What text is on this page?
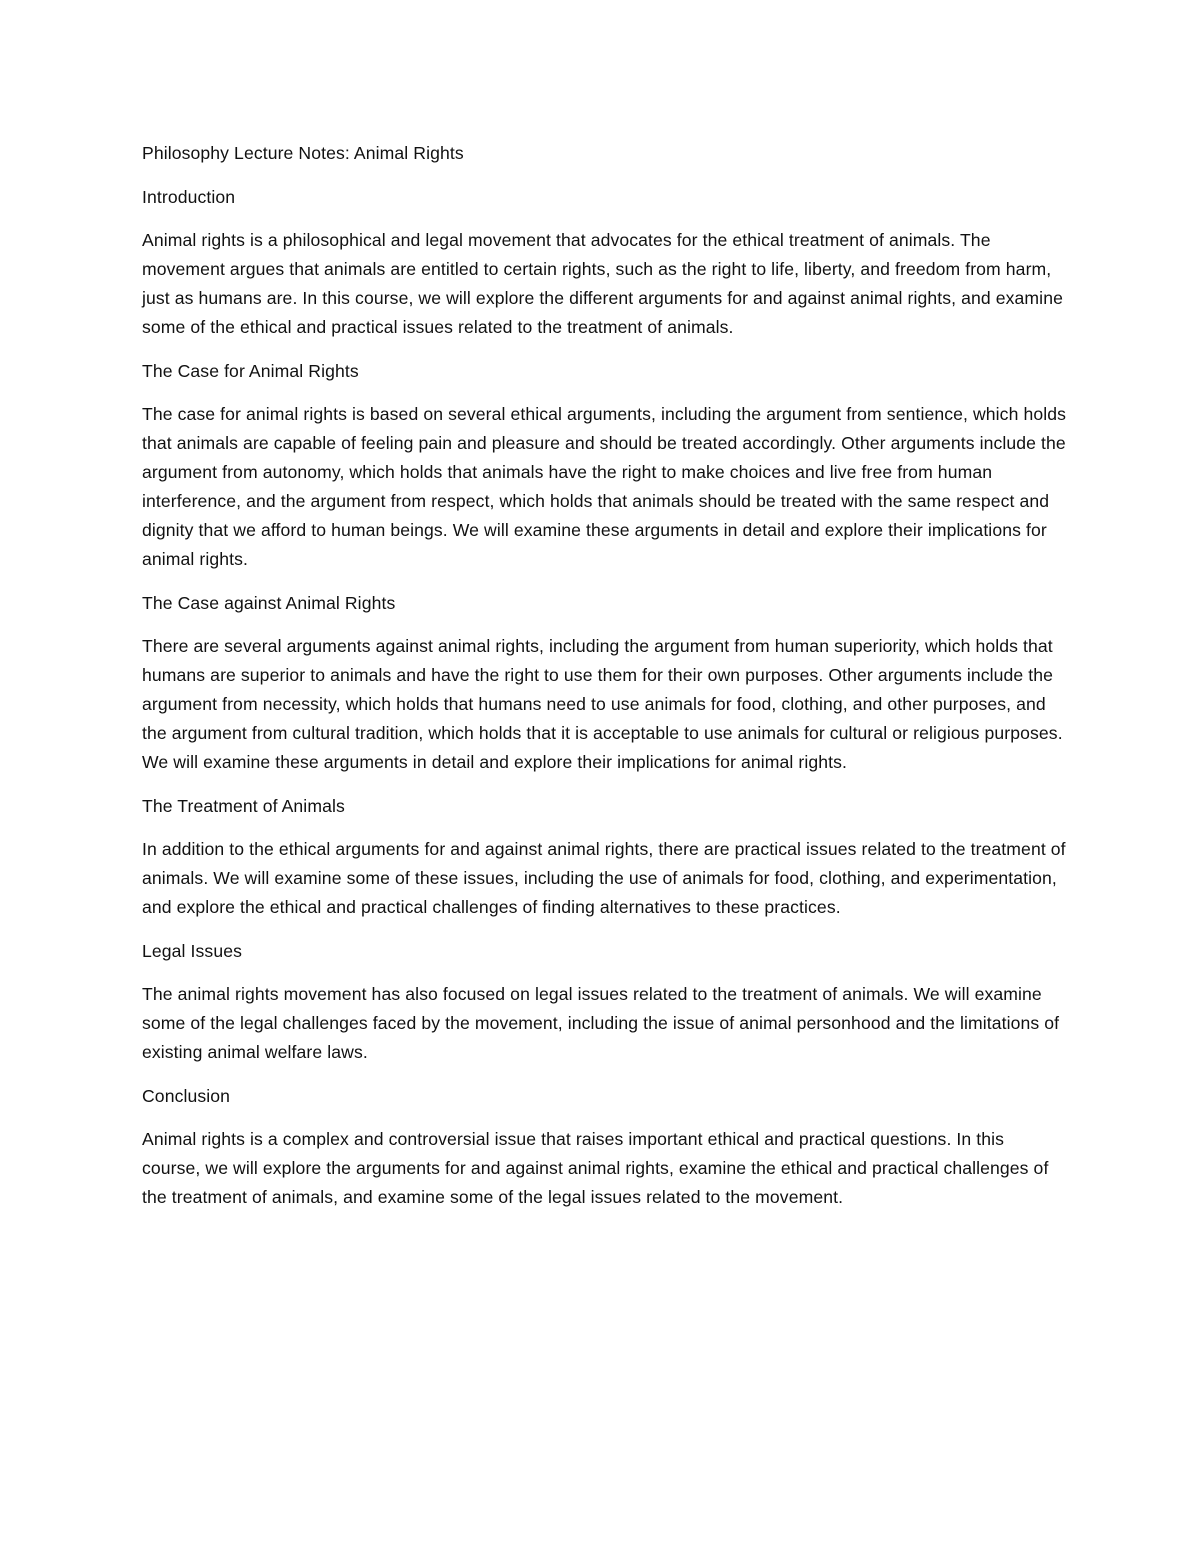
Philosophy Lecture Notes: Animal Rights

Introduction

Animal rights is a philosophical and legal movement that advocates for the ethical treatment of animals. The movement argues that animals are entitled to certain rights, such as the right to life, liberty, and freedom from harm, just as humans are. In this course, we will explore the different arguments for and against animal rights, and examine some of the ethical and practical issues related to the treatment of animals.

The Case for Animal Rights

The case for animal rights is based on several ethical arguments, including the argument from sentience, which holds that animals are capable of feeling pain and pleasure and should be treated accordingly. Other arguments include the argument from autonomy, which holds that animals have the right to make choices and live free from human interference, and the argument from respect, which holds that animals should be treated with the same respect and dignity that we afford to human beings. We will examine these arguments in detail and explore their implications for animal rights.

The Case against Animal Rights

There are several arguments against animal rights, including the argument from human superiority, which holds that humans are superior to animals and have the right to use them for their own purposes. Other arguments include the argument from necessity, which holds that humans need to use animals for food, clothing, and other purposes, and the argument from cultural tradition, which holds that it is acceptable to use animals for cultural or religious purposes. We will examine these arguments in detail and explore their implications for animal rights.

The Treatment of Animals

In addition to the ethical arguments for and against animal rights, there are practical issues related to the treatment of animals. We will examine some of these issues, including the use of animals for food, clothing, and experimentation, and explore the ethical and practical challenges of finding alternatives to these practices.

Legal Issues

The animal rights movement has also focused on legal issues related to the treatment of animals. We will examine some of the legal challenges faced by the movement, including the issue of animal personhood and the limitations of existing animal welfare laws.

Conclusion

Animal rights is a complex and controversial issue that raises important ethical and practical questions. In this course, we will explore the arguments for and against animal rights, examine the ethical and practical challenges of the treatment of animals, and examine some of the legal issues related to the movement.
